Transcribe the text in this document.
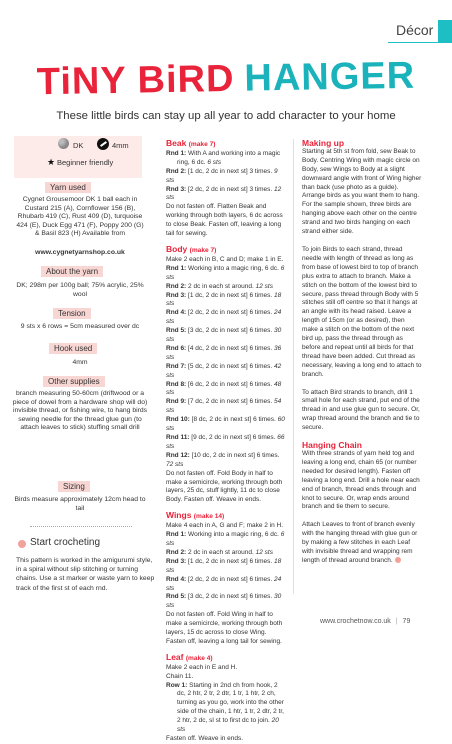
Décor
TiNY BiRD HANGER
These little birds can stay up all year to add character to your home
DK	4mm
★ Beginner friendly
Yarn used
Cygnet Grousemoor DK 1 ball each in Custard 215 (A), Cornflower 156 (B), Rhubarb 419 (C), Rust 409 (D), turquoise 424 (E), Duck Egg 471 (F), Poppy 200 (G) & Basil 823 (H) Available from
www.cygnetyarnshop.co.uk
About the yarn
DK; 298m per 100g ball; 75% acrylic, 25% wool
Tension
9 sts x 6 rows = 5cm measured over dc
Hook used
4mm
Other supplies
branch measuring 50-60cm (driftwood or a piece of dowel from a hardware shop will do) invisible thread, or fishing wire, to hang birds sewing needle for the thread glue gun (to attach leaves to stick) stuffing small drill
Sizing
Birds measure approximately 12cm head to tail
Start crocheting
This pattern is worked in the amigurumi style, in a spiral without slip stitching or turning chains. Use a st marker or waste yarn to keep track of the first st of each rnd.

Beak (make 7)

Rnd 1: With A and working into a magic ring, 6 dc. 6 sts

Rnd 2: [1 dc, 2 dc in next st] 3 times. 9 sts

Rnd 3: [2 dc, 2 dc in next st] 3 times. 12 sts

Do not fasten off. Flatten Beak and working through both layers, 6 dc across to close Beak. Fasten off, leaving a long tail for sewing.

Body (make 7)

Make 2 each in B, C and D; make 1 in E.

Rnd 1: Working into a magic ring, 6 dc. 6 sts

Rnd 2: 2 dc in each st around. 12 sts

Rnd 3: [1 dc, 2 dc in next st] 6 times. 18 sts

Rnd 4: [2 dc, 2 dc in next st] 6 times. 24 sts

Rnd 5: [3 dc, 2 dc in next st] 6 times. 30 sts

Rnd 6: [4 dc, 2 dc in next st] 6 times. 36 sts

Rnd 7: [5 dc, 2 dc in next st] 6 times. 42 sts

Rnd 8: [6 dc, 2 dc in next st] 6 times. 48 sts

Rnd 9: [7 dc, 2 dc in next st] 6 times. 54 sts

Rnd 10: [8 dc, 2 dc in next st] 6 times. 60 sts

Rnd 11: [9 dc, 2 dc in next st] 6 times. 66 sts

Rnd 12: [10 dc, 2 dc in next st] 6 times. 72 sts

Do not fasten off. Fold Body in half to make a semicircle, working through both layers, 25 dc, stuff lightly, 11 dc to close Body. Fasten off. Weave in ends.

Wings (make 14)

Make 4 each in A, G and F; make 2 in H.

Rnd 1: Working into a magic ring, 6 dc. 6 sts

Rnd 2: 2 dc in each st around. 12 sts

Rnd 3: [1 dc, 2 dc in next st] 6 times. 18 sts

Rnd 4: [2 dc, 2 dc in next st] 6 times. 24 sts

Rnd 5: [3 dc, 2 dc in next st] 6 times. 30 sts

Do not fasten off. Fold Wing in half to make a semicircle, working through both layers, 15 dc across to close Wing. Fasten off, leaving a long tail for sewing.

Leaf (make 4)

Make 2 each in E and H.

Chain 11.

Row 1: Starting in 2nd ch from hook, 2 dc, 2 htr, 2 tr, 2 dtr, 1 tr, 1 htr, 2 ch, turning as you go, work into the other side of the chain, 1 htr, 1 tr, 2 dtr, 2 tr, 2 htr, 2 dc, sl st to first dc to join. 20 sts

Fasten off. Weave in ends.

Making up

Starting at 5th st from fold, sew Beak to Body. Centring Wing with magic circle on Body, sew Wings to Body at a slight downward angle with front of Wing higher than back (use photo as a guide). Arrange birds as you want them to hang. For the sample shown, three birds are hanging above each other on the centre strand and two birds hanging on each strand either side.

To join Birds to each strand, thread needle with length of thread as long as from base of lowest bird to top of branch plus extra to attach to branch. Make a stitch on the bottom of the lowest bird to secure, pass thread through Body with 5 stitches still off centre so that it hangs at an angle with its head raised. Leave a length of 15cm (or as desired), then make a stitch on the bottom of the next bird up, pass the thread through as before and repeat until all birds for that thread have been added. Cut thread as necessary, leaving a long end to attach to branch.

To attach Bird strands to branch, drill 1 small hole for each strand, put end of the thread in and use glue gun to secure. Or, wrap thread around the branch and tie to secure.

Hanging Chain

With three strands of yarn held tog and leaving a long end, chain 65 (or number needed for desired length). Fasten off leaving a long end. Drill a hole near each end of branch, thread ends through and knot to secure. Or, wrap ends around branch and tie them to secure.

Attach Leaves to front of branch evenly with the hanging thread with glue gun or by making a few stitches in each Leaf with invisible thread and wrapping rem length of thread around branch.

www.crochetnow.co.uk | 79
